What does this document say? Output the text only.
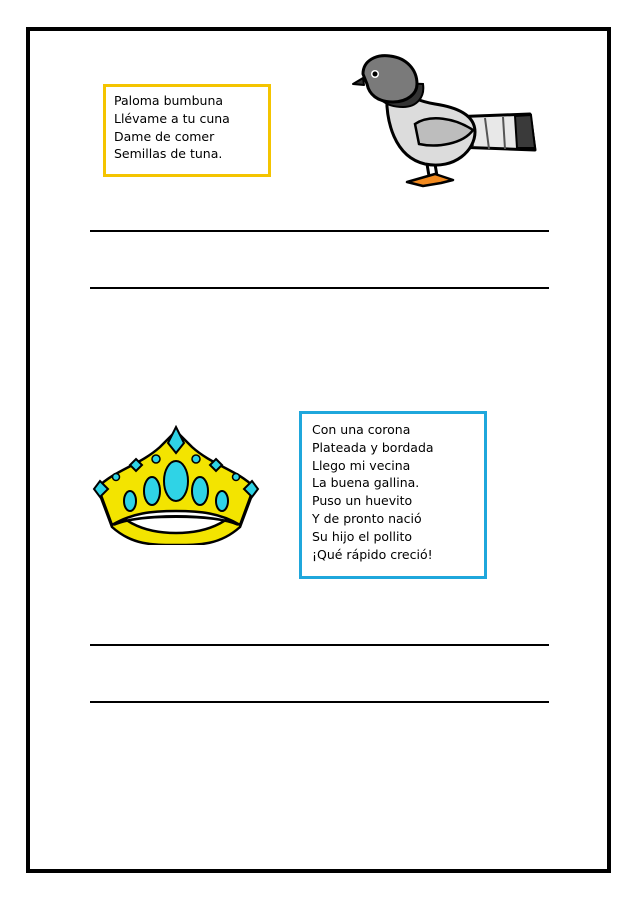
Paloma bumbuna
Llévame a tu cuna
Dame de comer
Semillas de tuna.
Con una corona
Plateada y bordada
Llego mi vecina
La buena gallina.
Puso un huevito
Y de pronto nació
Su hijo el pollito
¡Qué rápido creció!
